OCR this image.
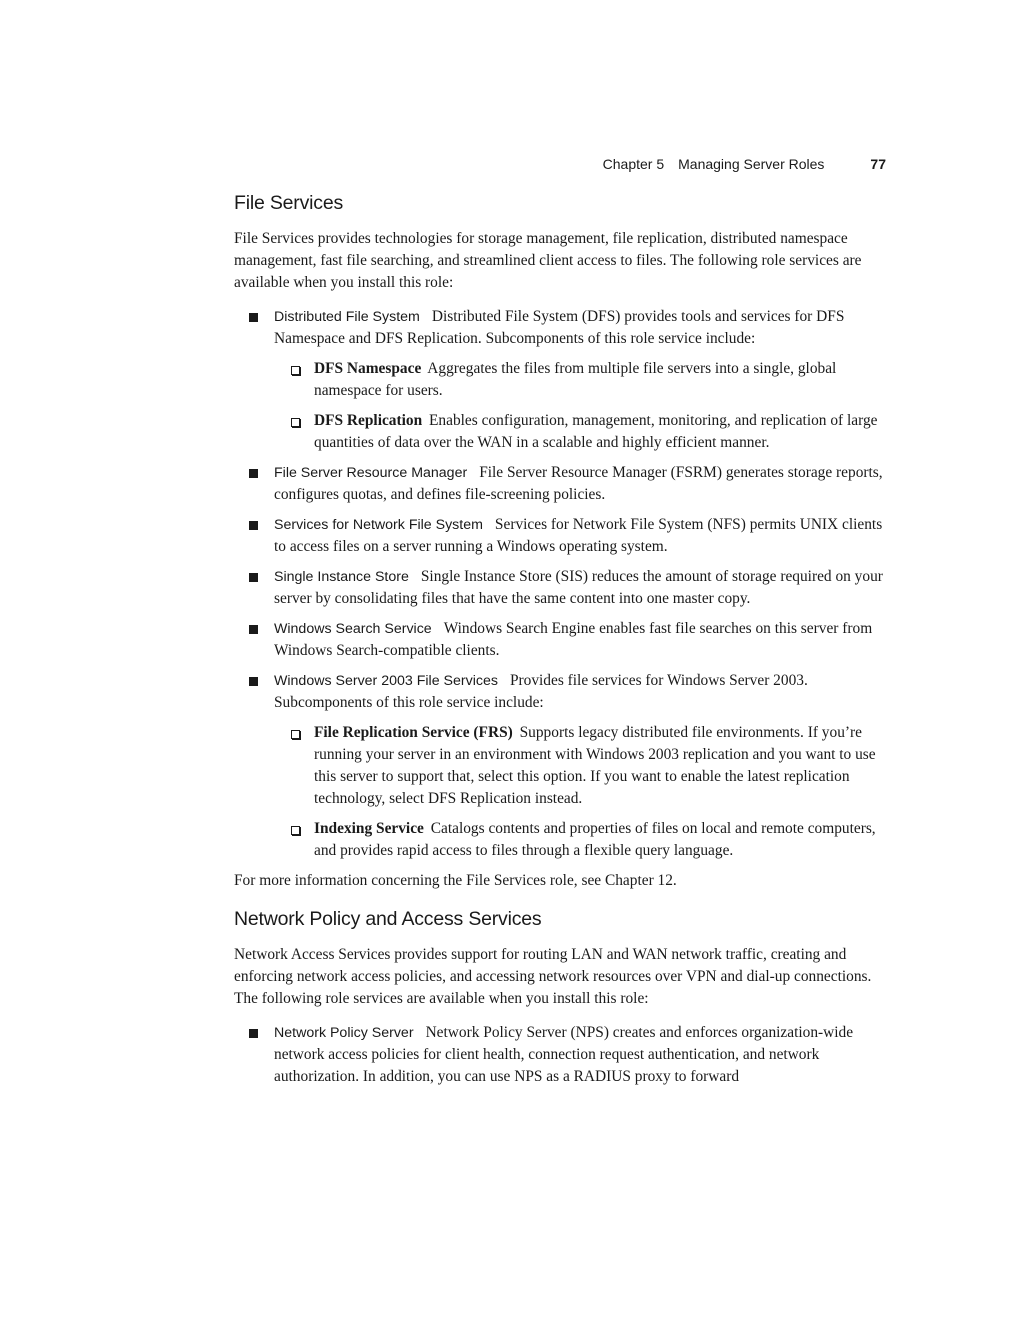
Chapter 5 Managing Server Roles	77
File Services

File Services provides technologies for storage management, file replication, distributed namespace management, fast file searching, and streamlined client access to files. The following role services are available when you install this role:

Distributed File System Distributed File System (DFS) provides tools and services for DFS Namespace and DFS Replication. Subcomponents of this role service include:
DFS Namespace Aggregates the files from multiple file servers into a single, global namespace for users.
DFS Replication Enables configuration, management, monitoring, and replication of large quantities of data over the WAN in a scalable and highly efficient manner.
File Server Resource Manager File Server Resource Manager (FSRM) generates storage reports, configures quotas, and defines file-screening policies.
Services for Network File System Services for Network File System (NFS) permits UNIX clients to access files on a server running a Windows operating system.
Single Instance Store Single Instance Store (SIS) reduces the amount of storage required on your server by consolidating files that have the same content into one master copy.
Windows Search Service Windows Search Engine enables fast file searches on this server from Windows Search-compatible clients.
Windows Server 2003 File Services Provides file services for Windows Server 2003. Subcomponents of this role service include:
File Replication Service (FRS) Supports legacy distributed file environments. If you’re running your server in an environment with Windows 2003 replication and you want to use this server to support that, select this option. If you want to enable the latest replication technology, select DFS Replication instead.
Indexing Service Catalogs contents and properties of files on local and remote computers, and provides rapid access to files through a flexible query language.

For more information concerning the File Services role, see Chapter 12.

Network Policy and Access Services

Network Access Services provides support for routing LAN and WAN network traffic, creating and enforcing network access policies, and accessing network resources over VPN and dial-up connections. The following role services are available when you install this role:

Network Policy Server Network Policy Server (NPS) creates and enforces organization-wide network access policies for client health, connection request authentication, and network authorization. In addition, you can use NPS as a RADIUS proxy to forward
